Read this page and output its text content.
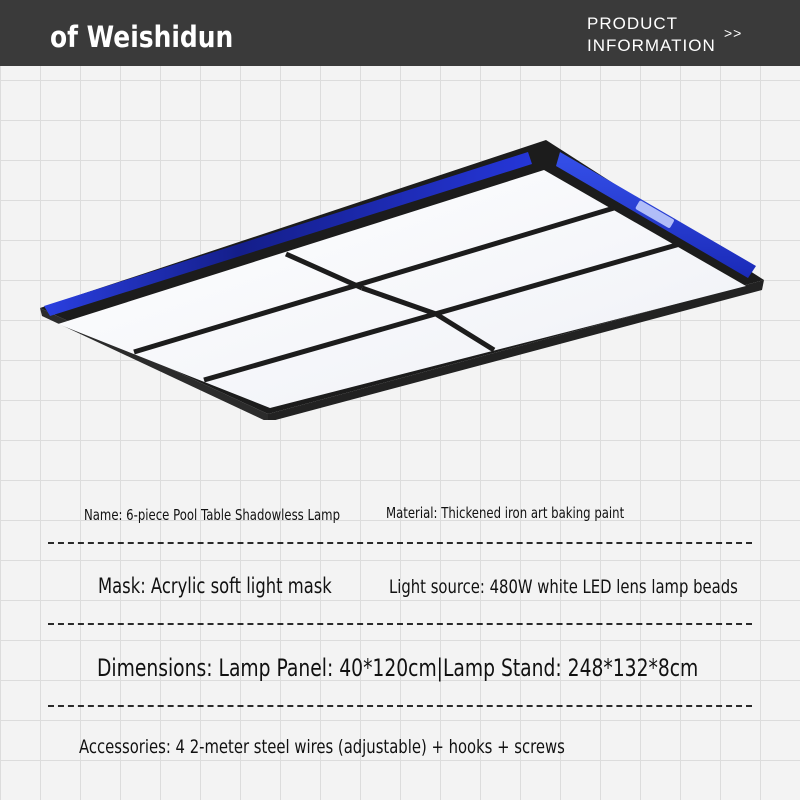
of Weishidun	PRODUCT
INFORMATION
>>
Name: 6-piece Pool Table Shadowless Lamp	Material: Thickened iron art baking paint
Mask: Acrylic soft light mask	Light source: 480W white LED lens lamp beads
Dimensions: Lamp Panel: 40*120cm|Lamp Stand: 248*132*8cm
Accessories: 4 2-meter steel wires (adjustable) + hooks + screws
